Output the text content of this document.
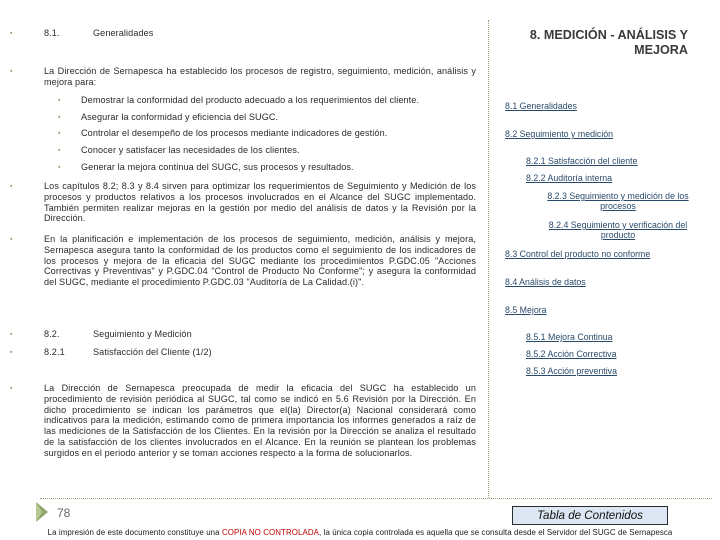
▪	8.1.	Generalidades
▪	La Dirección de Sernapesca ha establecido los procesos de registro, seguimiento, medición, análisis y mejora para:
▪	Demostrar la conformidad del producto adecuado a los requerimientos del cliente.
▪	Asegurar la conformidad y eficiencia del SUGC.
▪	Controlar el desempeño de los procesos mediante indicadores de gestión.
▪	Conocer y satisfacer las necesidades de los clientes.
▪	Generar la mejora continua del SUGC, sus procesos y resultados.
▪	Los capítulos 8.2; 8.3 y 8.4 sirven para optimizar los requerimientos de Seguimiento y Medición de los procesos y productos relativos a los procesos involucrados en el Alcance del SUGC implementado. También permiten realizar mejoras en la gestión por medio del análisis de datos y la Revisión por la Dirección.
▪	En la planificación e implementación de los procesos de seguimiento, medición, análisis y mejora, Sernapesca asegura tanto la conformidad de los productos como el seguimiento de los indicadores de los procesos y mejora de la eficacia del SUGC mediante los procedimientos P.GDC.05 "Acciones Correctivas y Preventivas" y P.GDC.04 "Control de Producto No Conforme"; y asegura la conformidad del SUGC, mediante el procedimiento P.GDC.03 "Auditoría de La Calidad.(i)".
▪	8.2.	Seguimiento y Medición
▪	8.2.1	Satisfacción del Cliente (1/2)
▪	La Dirección de Sernapesca preocupada de medir la eficacia del SUGC ha establecido un procedimiento de revisión periódica al SUGC, tal como se indicó en 5.6 Revisión por la Dirección. En dicho procedimiento se indican los parámetros que el(la) Director(a) Nacional considerará como indicativos para la medición, estimando como de primera importancia los informes generados a raíz de las mediciones de la Satisfacción de los Clientes. En la revisión por la Dirección se analiza el resultado de la satisfacción de los clientes involucrados en el Alcance. En la reunión se plantean los problemas surgidos en el periodo anterior y se toman acciones respecto a la forma de solucionarlos.
8. MEDICIÓN - ANÁLISIS Y
MEJORA
8.1 Generalidades
8.2 Seguimiento y medición
8.2.1 Satisfacción del cliente
8.2.2 Auditoría interna
8.2.3 Seguimiento y medición de los
procesos
8.2.4 Seguimiento y verificación del
producto
8.3 Control del producto no conforme
8.4 Análisis de datos
8.5 Mejora
8.5.1 Mejora Continua
8.5.2 Acción Correctiva
8.5.3 Acción preventiva
78	Tabla de Contenidos
La impresión de este documento constituye una COPIA NO CONTROLADA, la única copia controlada es aquella que se consulta desde el Servidor del SUGC de Sernapesca
